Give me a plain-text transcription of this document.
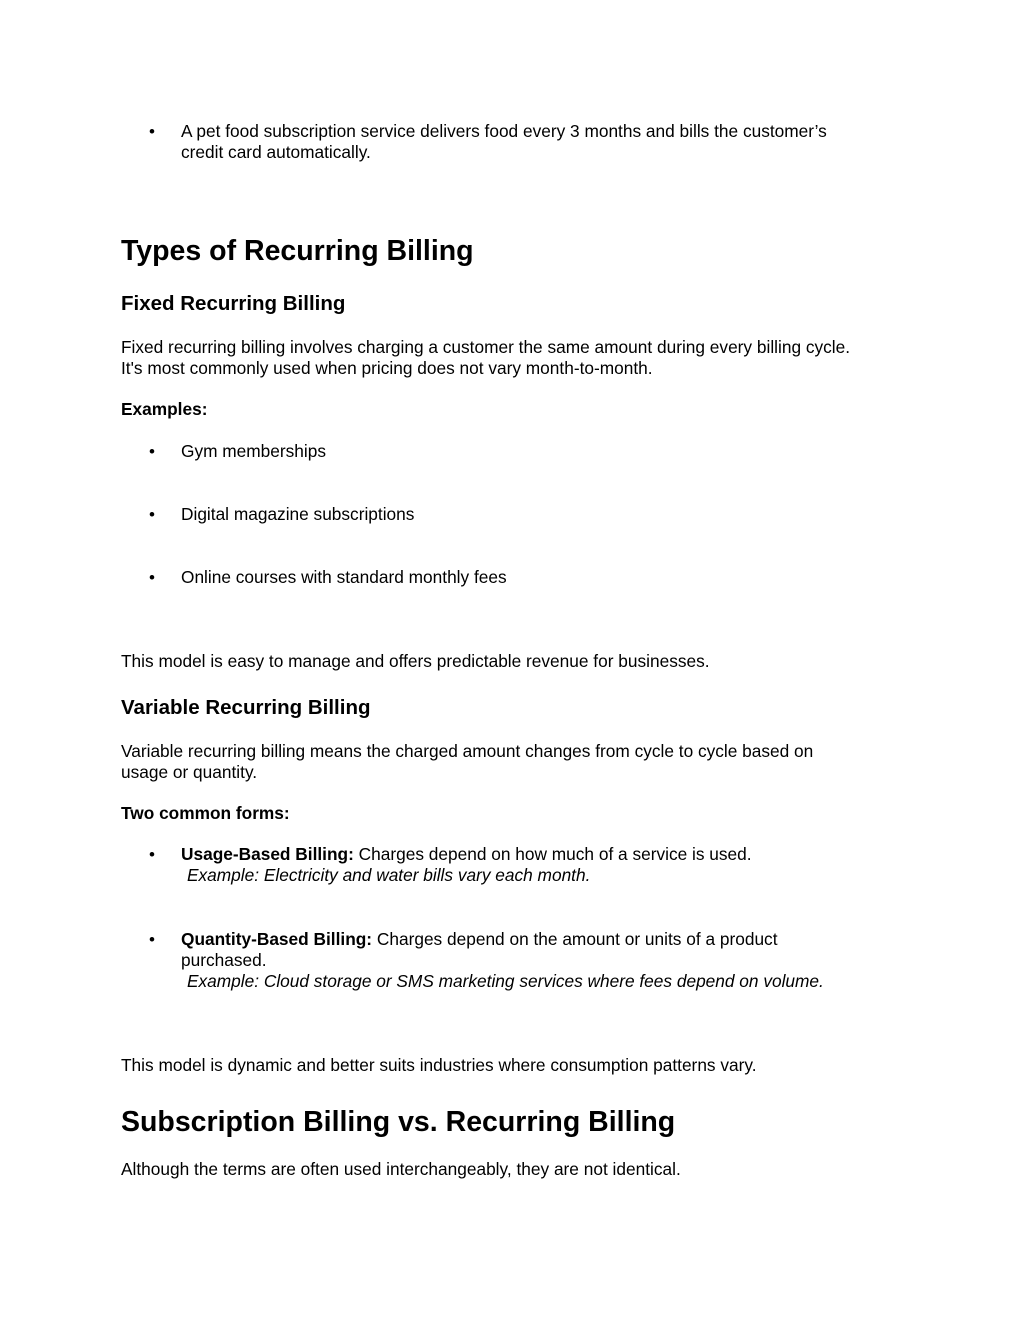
• A pet food subscription service delivers food every 3 months and bills the customer’s
credit card automatically.
Types of Recurring Billing
Fixed Recurring Billing

Fixed recurring billing involves charging a customer the same amount during every billing cycle.
It's most commonly used when pricing does not vary month-to-month.

Examples:

• Gym memberships
• Digital magazine subscriptions
• Online courses with standard monthly fees

This model is easy to manage and offers predictable revenue for businesses.

Variable Recurring Billing

Variable recurring billing means the charged amount changes from cycle to cycle based on
usage or quantity.

Two common forms:

• Usage-Based Billing: Charges depend on how much of a service is used.
Example: Electricity and water bills vary each month.
• Quantity-Based Billing: Charges depend on the amount or units of a product
purchased.
Example: Cloud storage or SMS marketing services where fees depend on volume.

This model is dynamic and better suits industries where consumption patterns vary.

Subscription Billing vs. Recurring Billing

Although the terms are often used interchangeably, they are not identical.
